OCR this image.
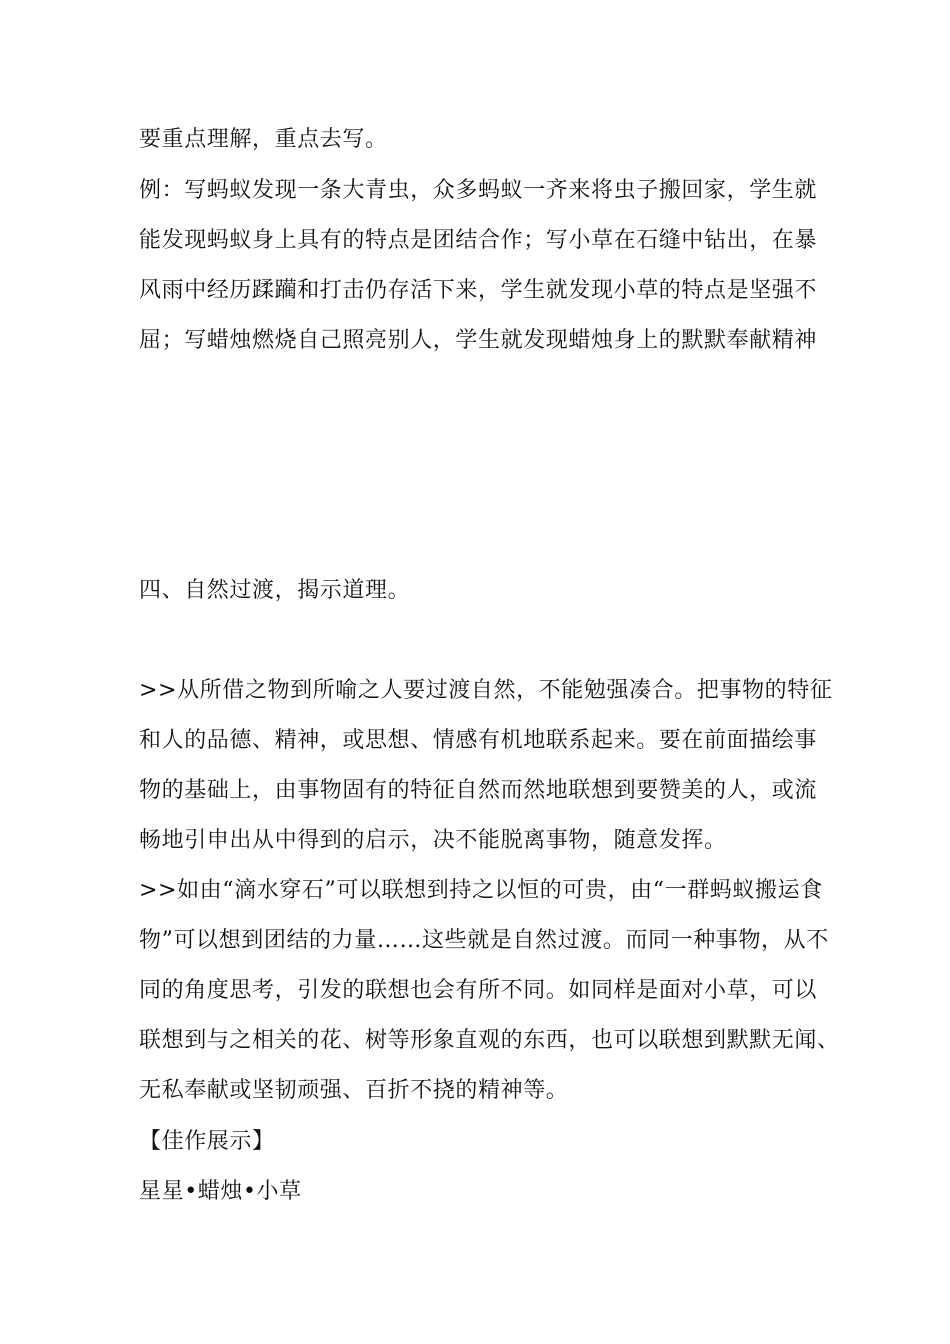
要重点理解，重点去写。
例：写蚂蚁发现一条大青虫，众多蚂蚁一齐来将虫子搬回家，学生就
能发现蚂蚁身上具有的特点是团结合作；写小草在石缝中钻出，在暴
风雨中经历蹂躏和打击仍存活下来，学生就发现小草的特点是坚强不
屈；写蜡烛燃烧自己照亮别人，学生就发现蜡烛身上的默默奉献精神
四、自然过渡，揭示道理。
>>从所借之物到所喻之人要过渡自然，不能勉强凑合。把事物的特征
和人的品德、精神，或思想、情感有机地联系起来。要在前面描绘事
物的基础上，由事物固有的特征自然而然地联想到要赞美的人，或流
畅地引申出从中得到的启示，决不能脱离事物，随意发挥。
>>如由“滴水穿石”可以联想到持之以恒的可贵，由“一群蚂蚁搬运食
物”可以想到团结的力量……这些就是自然过渡。而同一种事物，从不
同的角度思考，引发的联想也会有所不同。如同样是面对小草，可以
联想到与之相关的花、树等形象直观的东西，也可以联想到默默无闻、
无私奉献或坚韧顽强、百折不挠的精神等。
【佳作展示】
星星•蜡烛•小草
